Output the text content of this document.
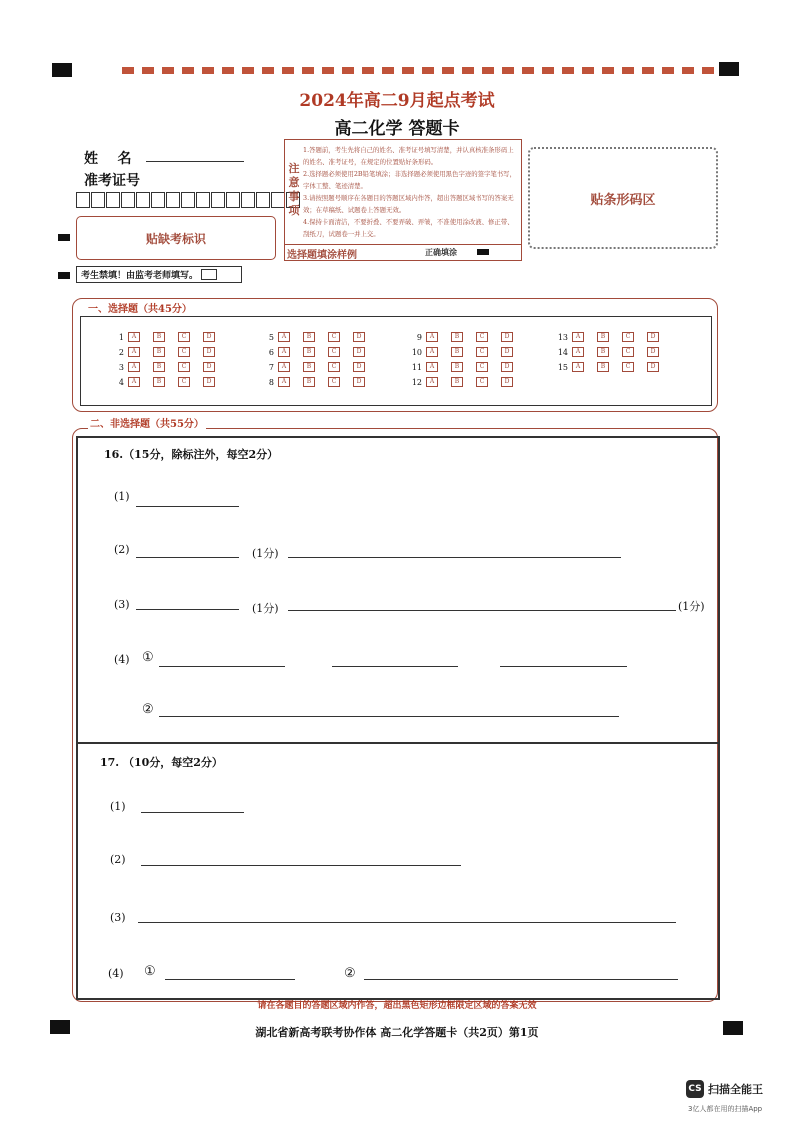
2024年高二9月起点考试
高二化学 答题卡
姓    名
准考证号
贴缺考标识
考生禁填！由监考老师填写。
注意事项
1.答题前，考生先将自己的姓名、准考证号填写清楚，并认真核准条形码上的姓名、准考证号，在规定的位置贴好条形码。
2.选择题必须使用2B铅笔填涂；非选择题必须使用黑色字迹的签字笔书写，字体工整、笔迹清楚。
3.请按照题号顺序在各题目的答题区域内作答，超出答题区域书写的答案无效；在草稿纸、试题卷上答题无效。
4.保持卡面清洁，不要折叠、不要弄破、弄皱，不准使用涂改液、修正带、刮纸刀，试题卷一并上交。
选择题填涂样例	正确填涂
贴条形码区
一、选择题（共45分）
1	A	B	C	D
2	A	B	C	D
3	A	B	C	D
4	A	B	C	D
5	A	B	C	D
6	A	B	C	D
7	A	B	C	D
8	A	B	C	D
9	A	B	C	D
10	A	B	C	D
11	A	B	C	D
12	A	B	C	D
13	A	B	C	D
14	A	B	C	D
15	A	B	C	D
二、非选择题（共55分）
16.（15分，除标注外，每空2分）
(1)
(2)	(1分)
(3)	(1分)	(1分)
(4) ①
②
17. （10分，每空2分）
(1)
(2)
(3)
(4) ①	②
请在各题目的答题区域内作答，超出黑色矩形边框限定区域的答案无效
湖北省新高考联考协作体 高二化学答题卡（共2页）第1页
CS 扫描全能王
3亿人都在用的扫描App
